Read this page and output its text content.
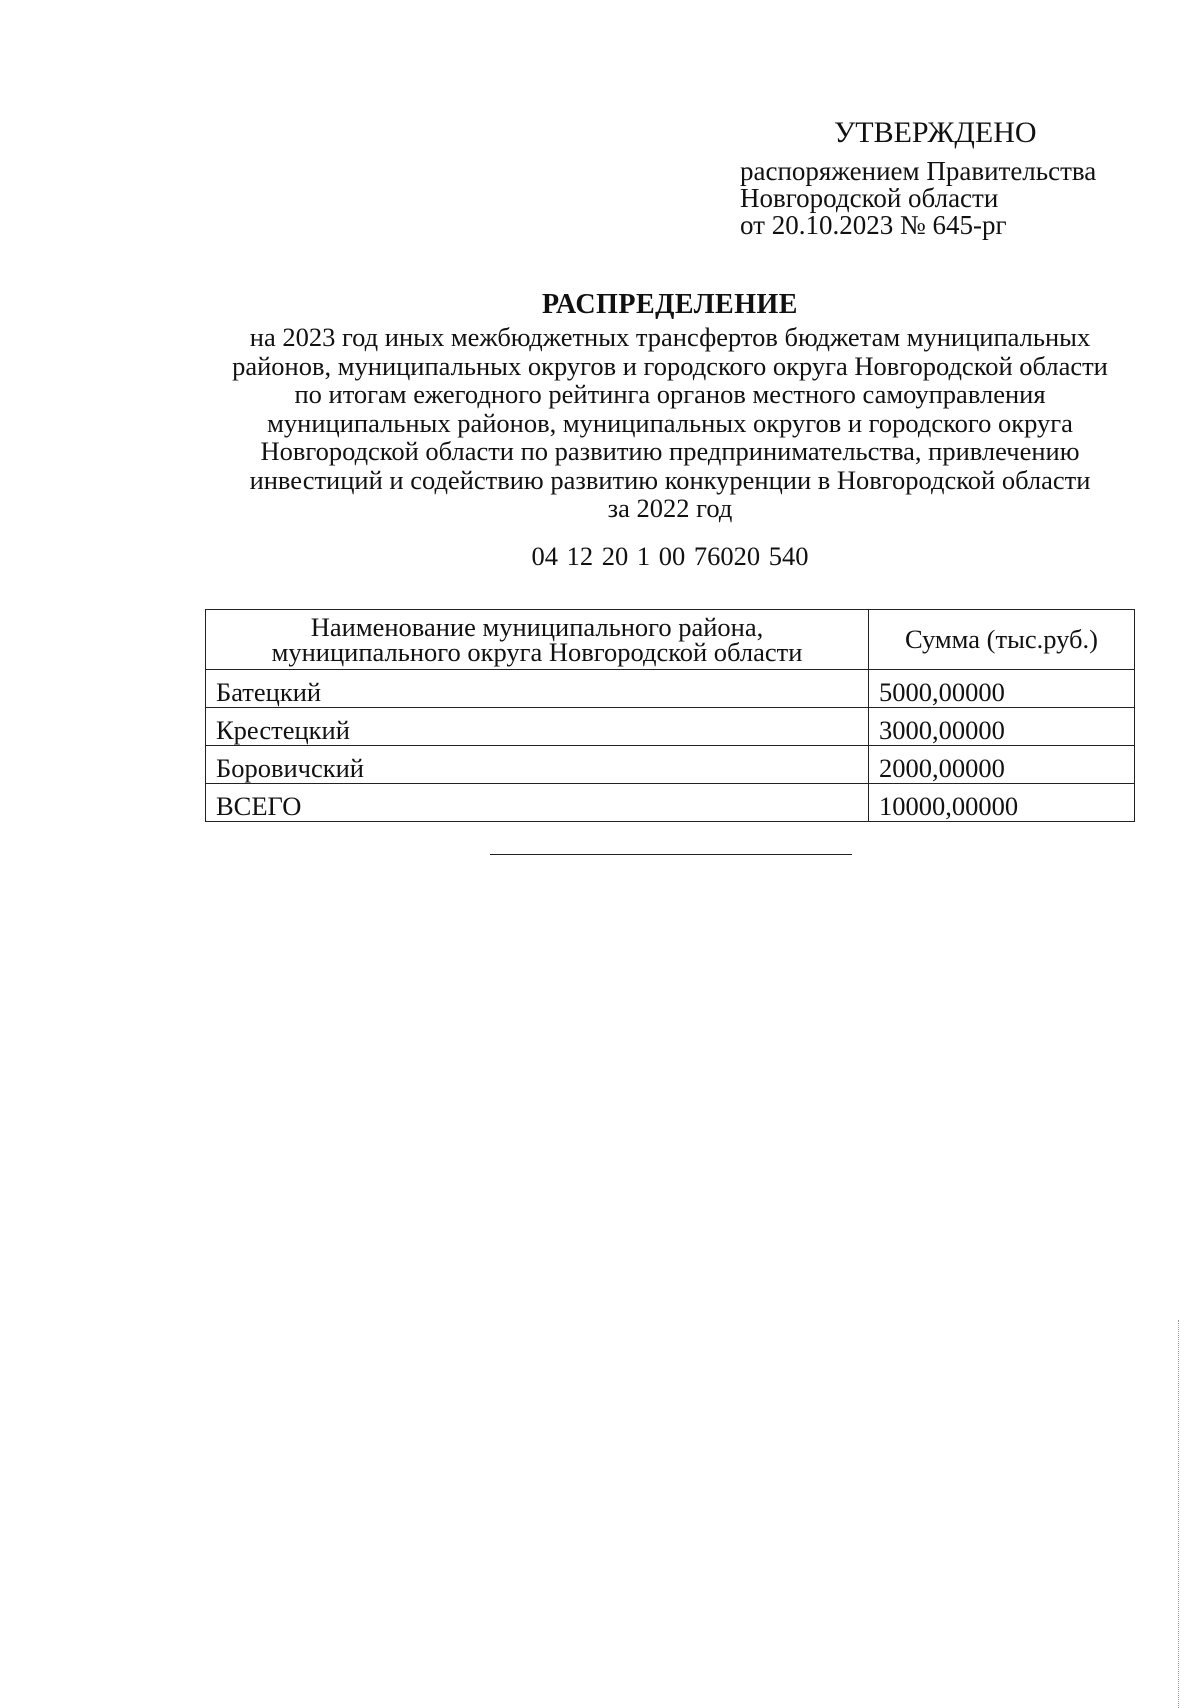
УТВЕРЖДЕНО
распоряжением Правительства
Новгородской области
от 20.10.2023 № 645-рг
РАСПРЕДЕЛЕНИЕ
на 2023 год иных межбюджетных трансфертов бюджетам муниципальных
районов, муниципальных округов и городского округа Новгородской области
по итогам ежегодного рейтинга органов местного самоуправления
муниципальных районов, муниципальных округов и городского округа
Новгородской области по развитию предпринимательства, привлечению
инвестиций и содействию развитию конкуренции в Новгородской области
за 2022 год
04 12 20 1 00 76020 540
Наименование муниципального района,
муниципального округа Новгородской области	Сумма (тыс.руб.)
Батецкий	5000,00000
Крестецкий	3000,00000
Боровичский	2000,00000
ВСЕГО	10000,00000
